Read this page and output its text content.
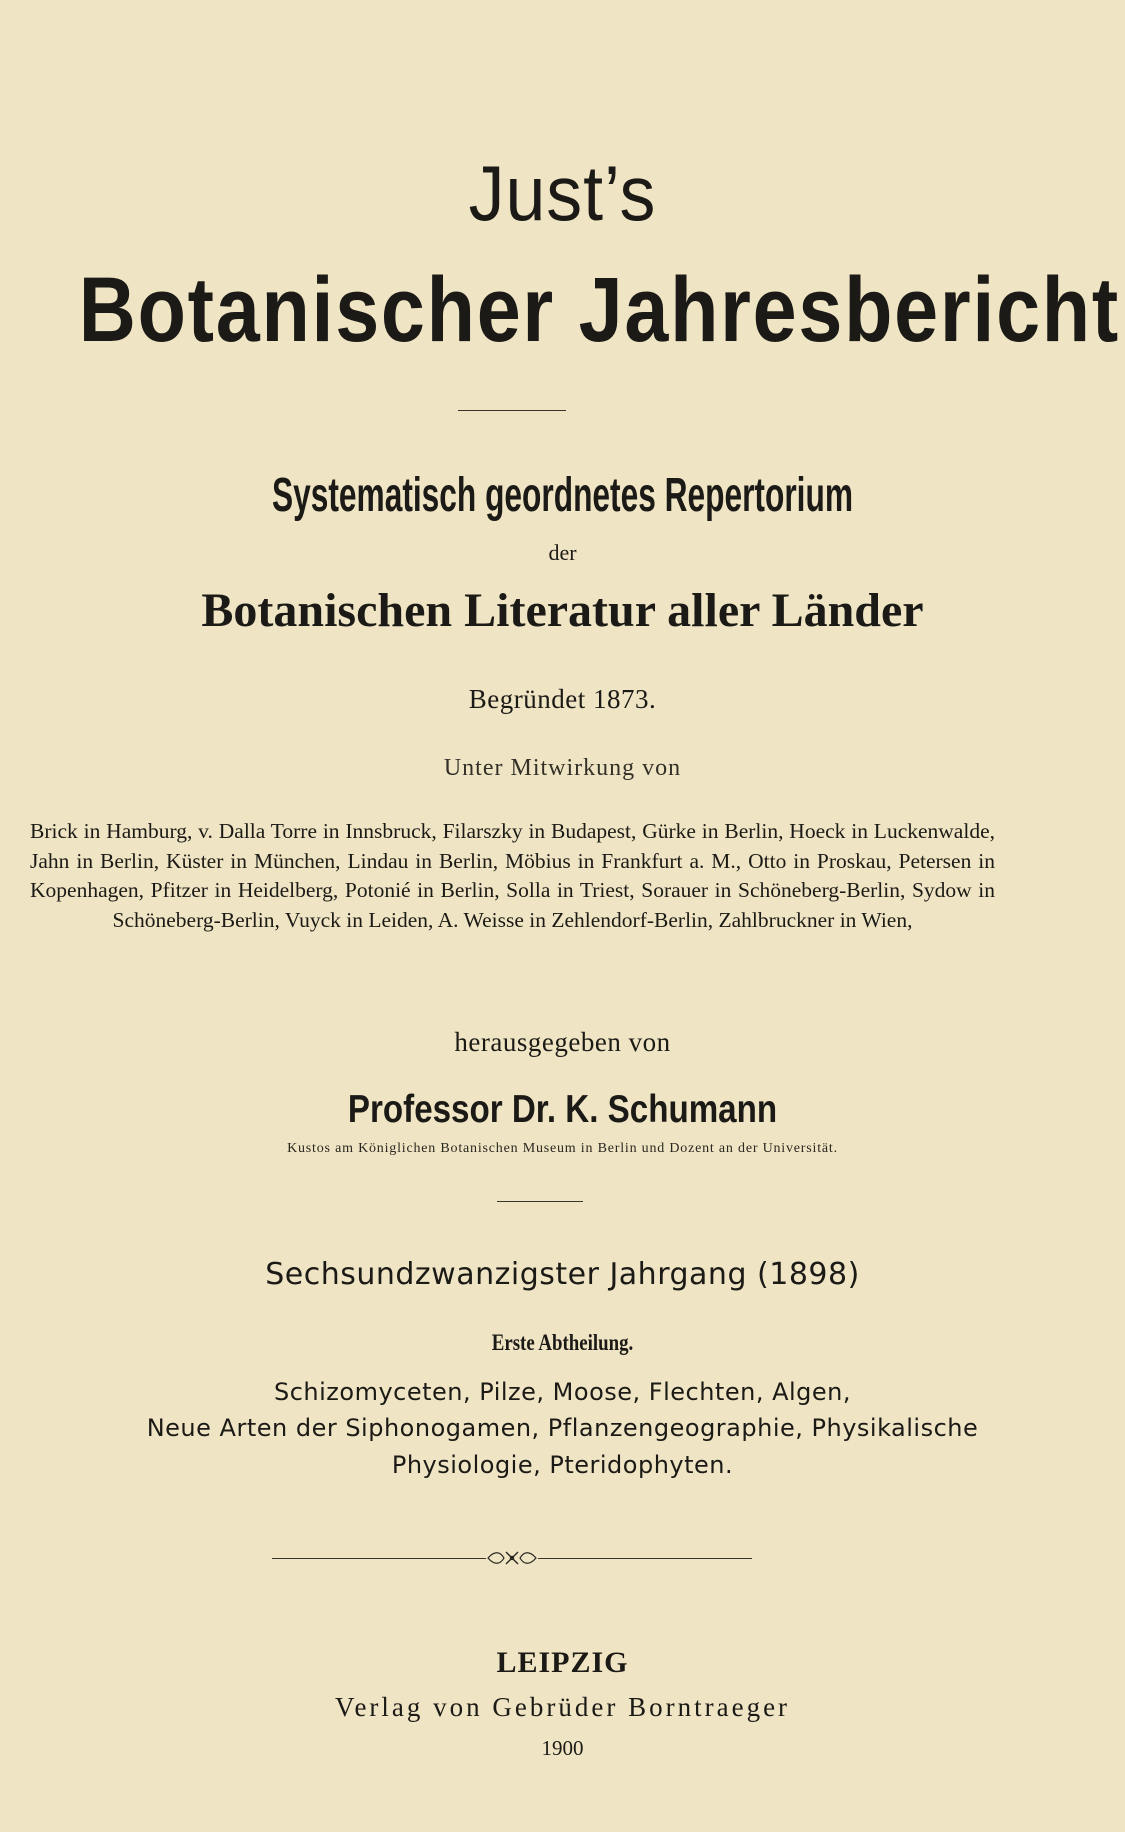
Just’s
Botanischer Jahresbericht
Systematisch geordnetes Repertorium
der
Botanischen Literatur aller Länder
Begründet 1873.
Unter Mitwirkung von
Brick in Hamburg, v. Dalla Torre in Innsbruck, Filarszky in Budapest, Gürke in Berlin, Hoeck in Luckenwalde, Jahn in Berlin, Küster in München, Lindau in Berlin, Möbius in Frankfurt a. M., Otto in Proskau, Petersen in Kopenhagen, Pfitzer in Heidelberg, Potonié in Berlin, Solla in Triest, Sorauer in Schöneberg-Berlin, Sydow in Schöneberg-Berlin, Vuyck in Leiden, A. Weisse in Zehlendorf-Berlin, Zahlbruckner in Wien,
herausgegeben von
Professor Dr. K. Schumann
Kustos am Königlichen Botanischen Museum in Berlin und Dozent an der Universität.
Sechsundzwanzigster Jahrgang (1898)
Erste Abtheilung.
Schizomyceten, Pilze, Moose, Flechten, Algen,
Neue Arten der Siphonogamen, Pflanzengeographie, Physikalische
Physiologie, Pteridophyten.
LEIPZIG
Verlag von Gebrüder Borntraeger
1900
